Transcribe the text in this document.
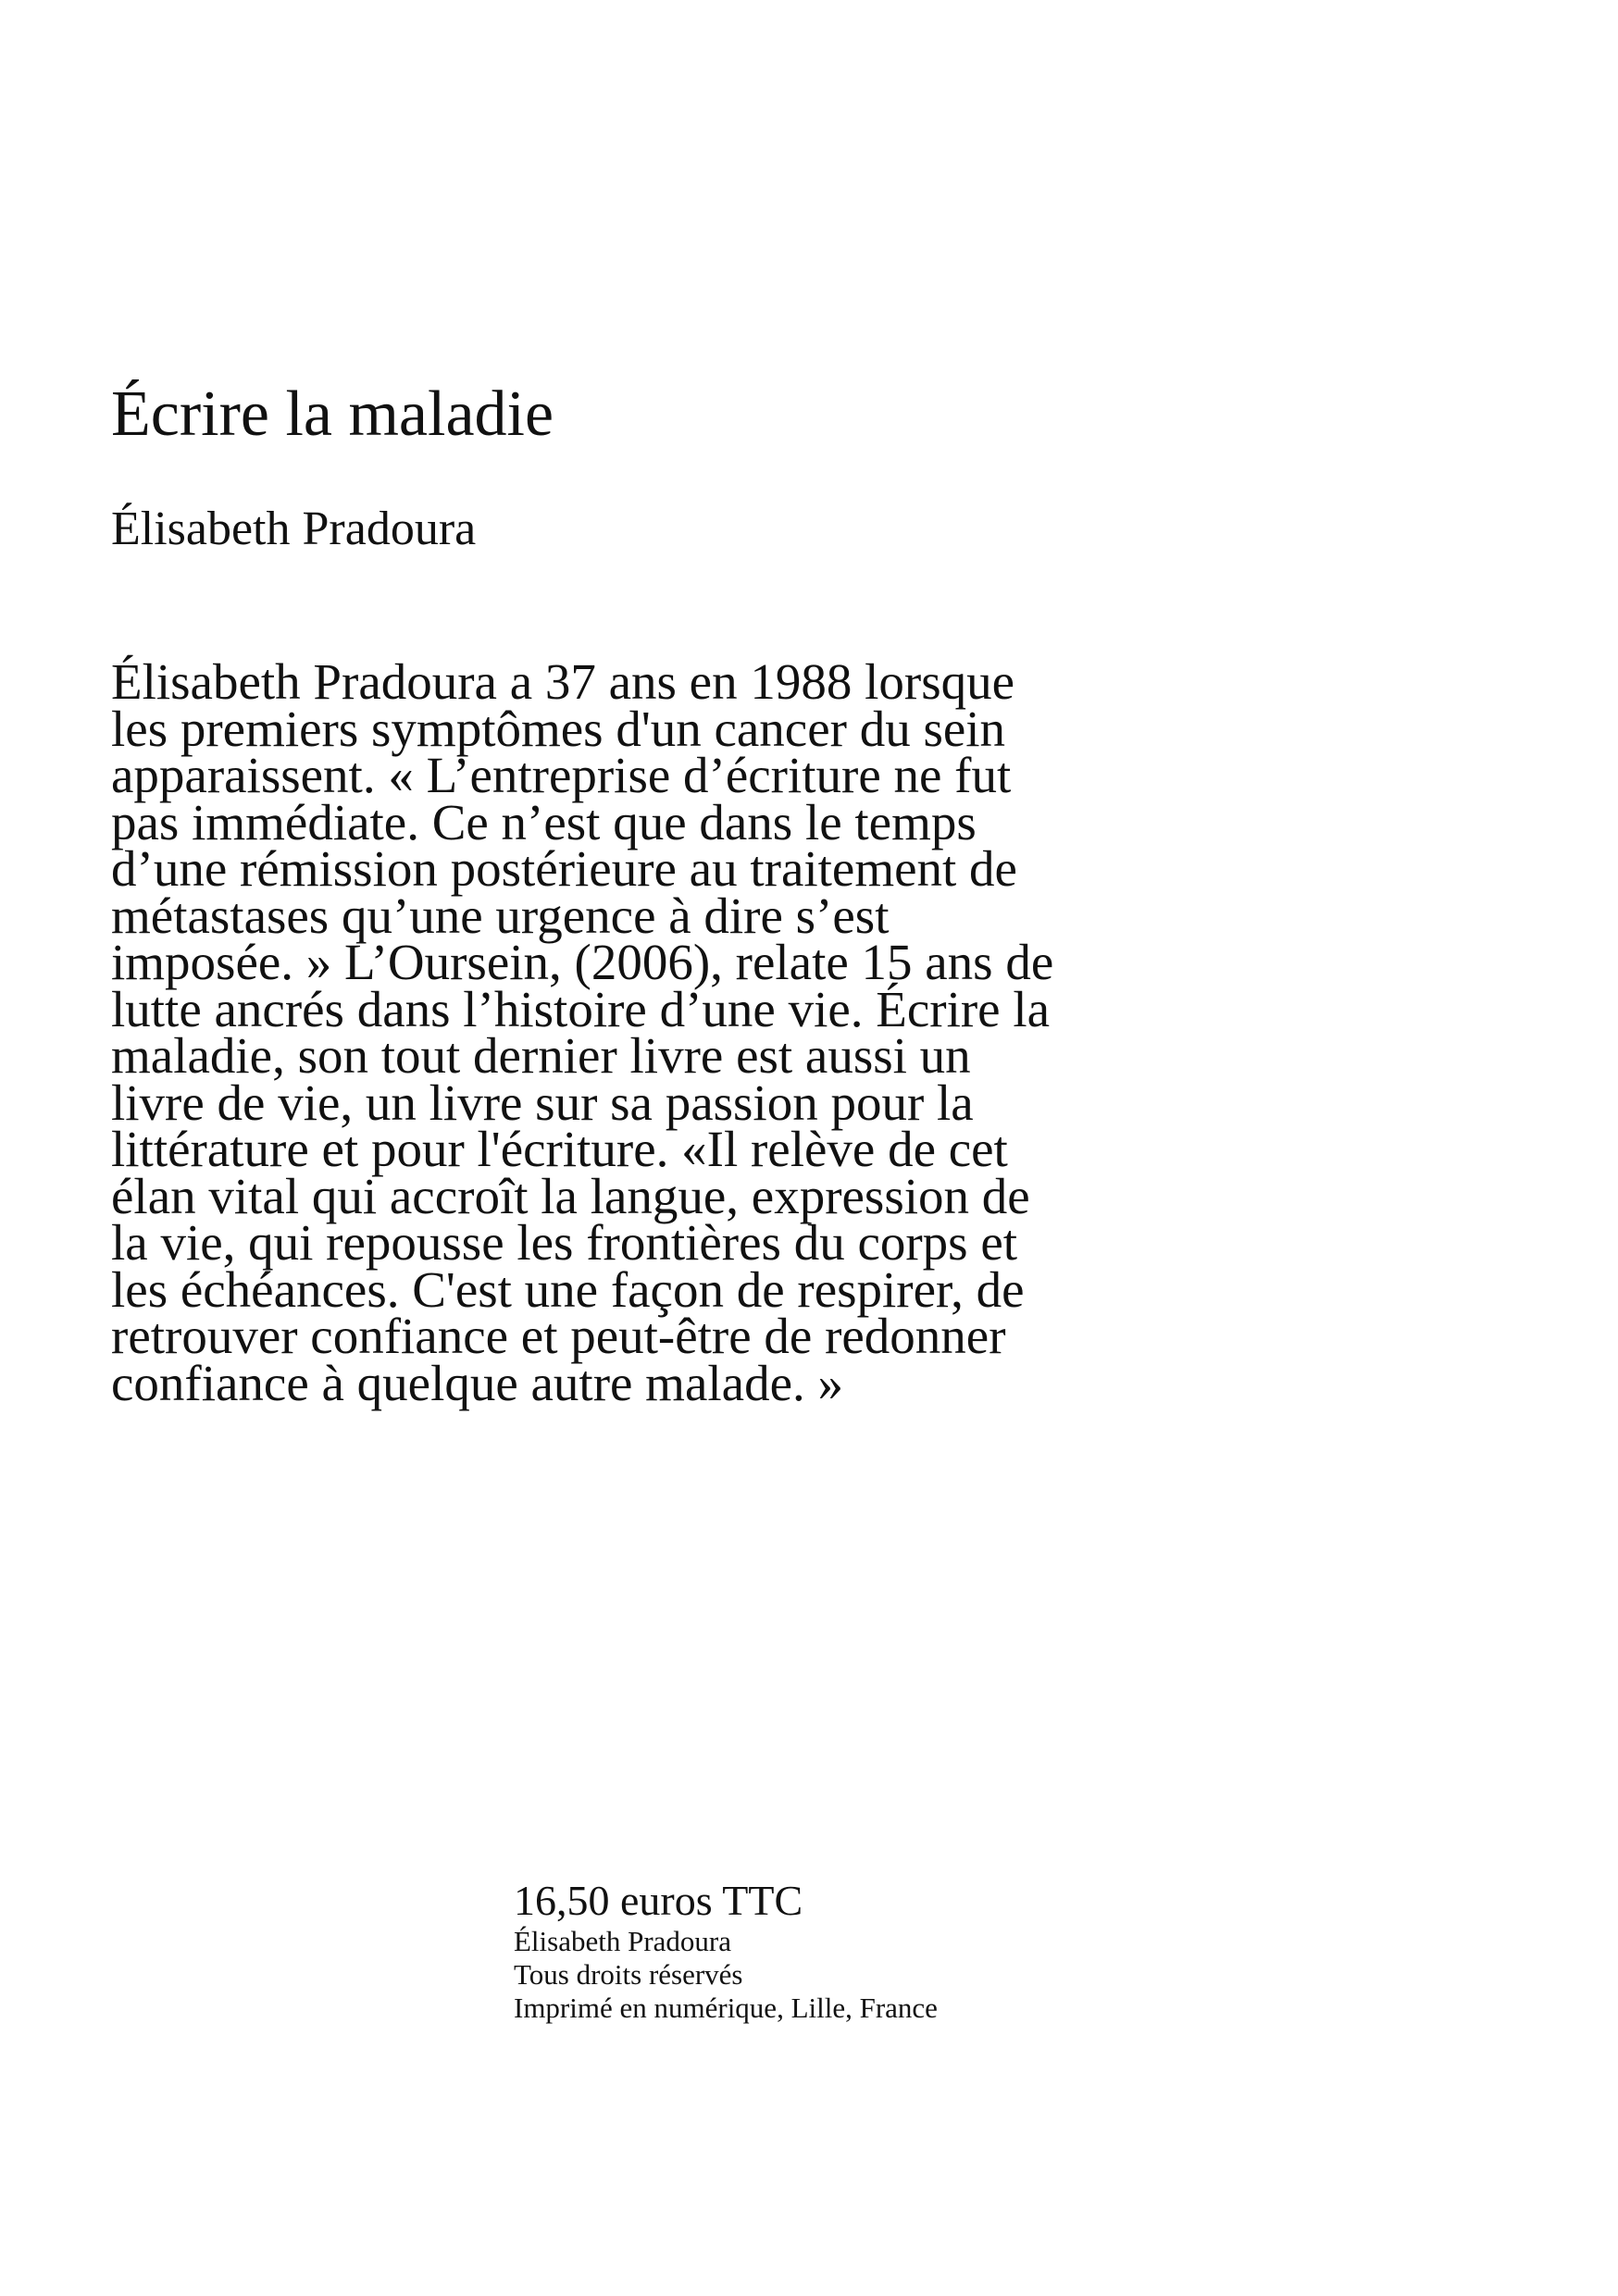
Écrire la maladie
Élisabeth Pradoura
Élisabeth Pradoura a 37 ans en 1988 lorsque
les premiers symptômes d'un cancer du sein
apparaissent. « L’entreprise d’écriture ne fut
pas immédiate. Ce n’est que dans le temps
d’une rémission postérieure au traitement de
métastases qu’une urgence à dire s’est
imposée. » L’Oursein, (2006), relate 15 ans de
lutte ancrés dans l’histoire d’une vie. Écrire la
maladie, son tout dernier livre est aussi un
livre de vie, un livre sur sa passion pour la
littérature et pour l'écriture. «Il relève de cet
élan vital qui accroît la langue, expression de
la vie, qui repousse les frontières du corps et
les échéances. C'est une façon de respirer, de
retrouver confiance et peut-être de redonner
confiance à quelque autre malade. »
16,50 euros TTC
Élisabeth Pradoura
Tous droits réservés
Imprimé en numérique, Lille, France
